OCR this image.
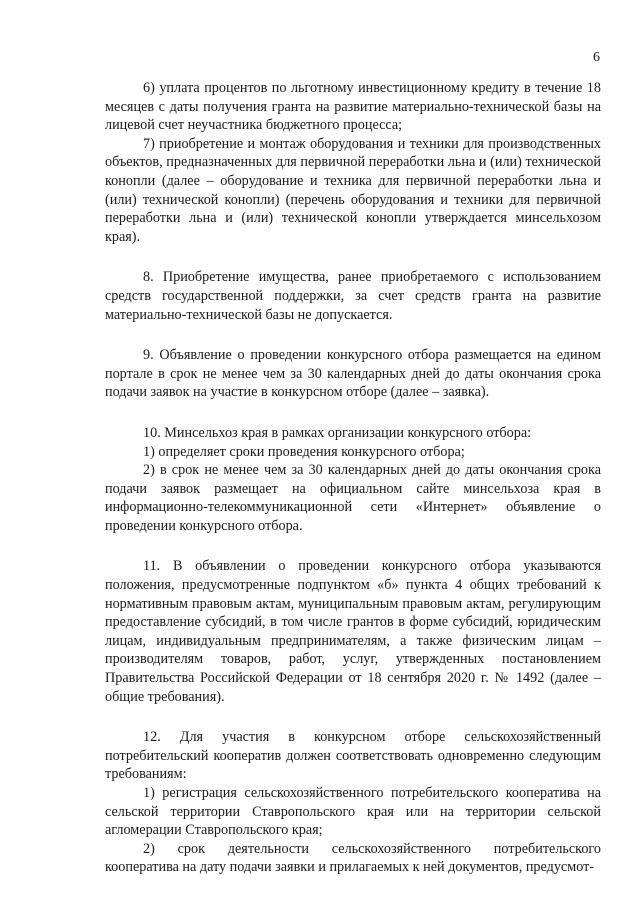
6

6) уплата процентов по льготному инвестиционному кредиту в течение 18 месяцев с даты получения гранта на развитие материально-технической базы на лицевой счет неучастника бюджетного процесса;

7) приобретение и монтаж оборудования и техники для производственных объектов, предназначенных для первичной переработки льна и (или) технической конопли (далее – оборудование и техника для первичной переработки льна и (или) технической конопли) (перечень оборудования и техники для первичной переработки льна и (или) технической конопли утверждается минсельхозом края).

8. Приобретение имущества, ранее приобретаемого с использованием средств государственной поддержки, за счет средств гранта на развитие материально-технической базы не допускается.

9. Объявление о проведении конкурсного отбора размещается на едином портале в срок не менее чем за 30 календарных дней до даты окончания срока подачи заявок на участие в конкурсном отборе (далее – заявка).

10. Минсельхоз края в рамках организации конкурсного отбора:

1) определяет сроки проведения конкурсного отбора;

2) в срок не менее чем за 30 календарных дней до даты окончания срока подачи заявок размещает на официальном сайте минсельхоза края в информационно-телекоммуникационной сети «Интернет» объявление о проведении конкурсного отбора.

11. В объявлении о проведении конкурсного отбора указываются положения, предусмотренные подпунктом «б» пункта 4 общих требований к нормативным правовым актам, муниципальным правовым актам, регулирующим предоставление субсидий, в том числе грантов в форме субсидий, юридическим лицам, индивидуальным предпринимателям, а также физическим лицам – производителям товаров, работ, услуг, утвержденных постановлением Правительства Российской Федерации от 18 сентября 2020 г. № 1492 (далее – общие требования).

12. Для участия в конкурсном отборе сельскохозяйственный потребительский кооператив должен соответствовать одновременно следующим требованиям:

1) регистрация сельскохозяйственного потребительского кооператива на сельской территории Ставропольского края или на территории сельской агломерации Ставропольского края;

2) срок деятельности сельскохозяйственного потребительского кооператива на дату подачи заявки и прилагаемых к ней документов, предусмот-
